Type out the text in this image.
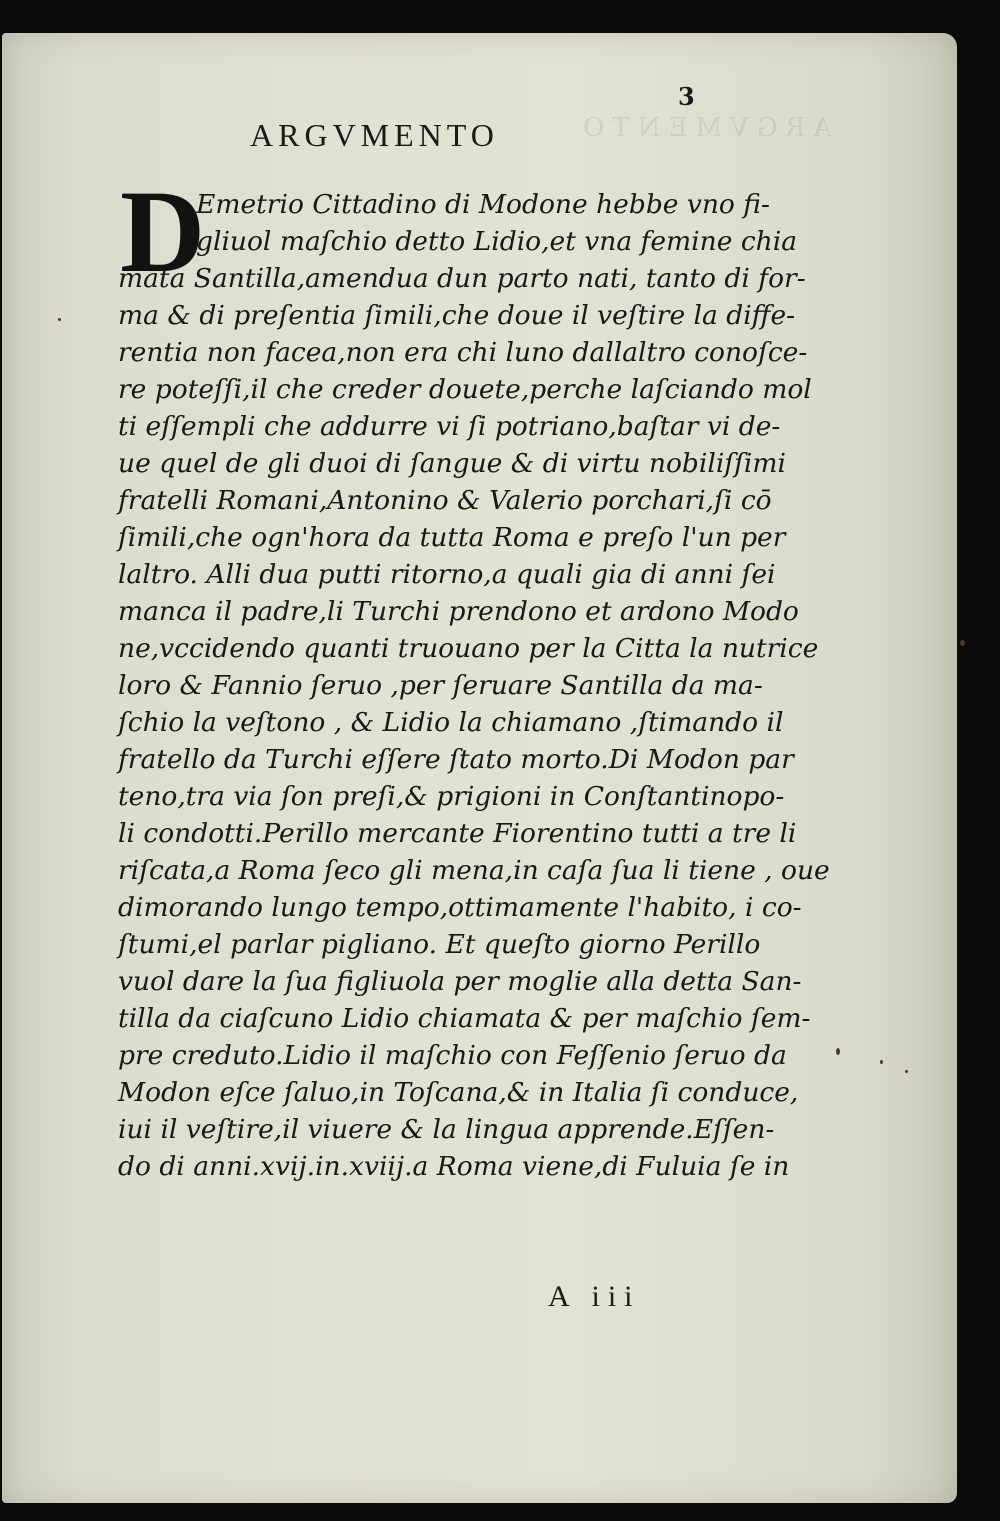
ARGVMENTO
3
ARGVMENTO
D
Emetrio Cittadino di Modone hebbe vno fi-
gliuol maſchio detto Lidio,et vna femine chia
mata Santilla,amendua dun parto nati, tanto di for-
ma & di preſentia ſimili,che doue il veſtire la diffe-
rentia non facea,non era chi luno dallaltro conoſce-
re poteſſi,il che creder douete,perche laſciando mol
ti eſſempli che addurre vi ſi potriano,baſtar vi de-
ue quel de gli duoi di ſangue & di virtu nobiliſſimi
fratelli Romani,Antonino & Valerio porchari,ſi cō
ſimili,che ogn'hora da tutta Roma e preſo l'un per
laltro. Alli dua putti ritorno,a quali gia di anni ſei
manca il padre,li Turchi prendono et ardono Modo
ne,vccidendo quanti truouano per la Citta la nutrice
loro & Fannio ſeruo ,per ſeruare Santilla da ma-
ſchio la veſtono , & Lidio la chiamano ,ſtimando il
fratello da Turchi eſſere ſtato morto.Di Modon par
teno,tra via ſon preſi,& prigioni in Conſtantinopo-
li condotti.Perillo mercante Fiorentino tutti a tre li
riſcata,a Roma ſeco gli mena,in caſa ſua li tiene , oue
dimorando lungo tempo,ottimamente l'habito, i co-
ſtumi,el parlar pigliano. Et queſto giorno Perillo
vuol dare la ſua figliuola per moglie alla detta San-
tilla da ciaſcuno Lidio chiamata & per maſchio ſem-
pre creduto.Lidio il maſchio con Feſſenio ſeruo da
Modon eſce ſaluo,in Toſcana,& in Italia ſi conduce,
iui il veſtire,il viuere & la lingua apprende.Eſſen-
do di anni.xvij.in.xviij.a Roma viene,di Fuluia ſe in
A iii
